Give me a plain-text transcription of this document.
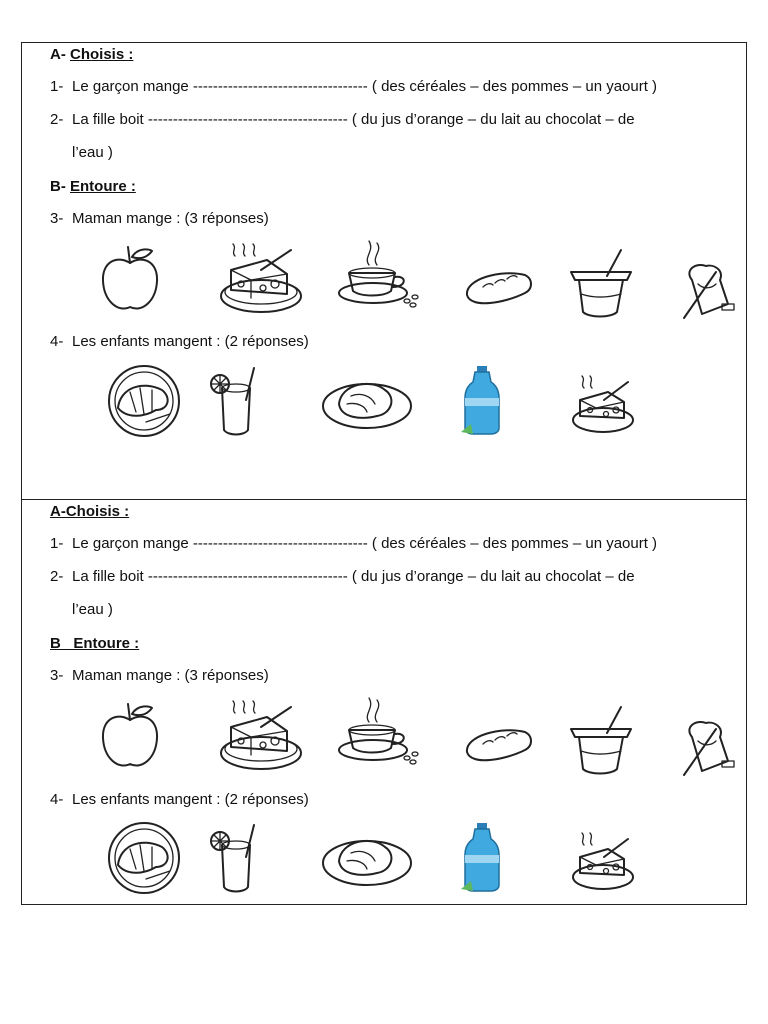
A- Choisis :
1- Le garçon mange ----------------------------------- ( des céréales – des pommes – un yaourt )
2- La fille boit ---------------------------------------- ( du jus d’orange – du lait au chocolat – de
l’eau )
B- Entoure :
3- Maman mange : (3 réponses)
4- Les enfants mangent : (2 réponses)
A-Choisis :
1- Le garçon mange ----------------------------------- ( des céréales – des pommes – un yaourt )
2- La fille boit ---------------------------------------- ( du jus d’orange – du lait au chocolat – de
l’eau )
B_ Entoure :
3- Maman mange : (3 réponses)
4- Les enfants mangent : (2 réponses)
